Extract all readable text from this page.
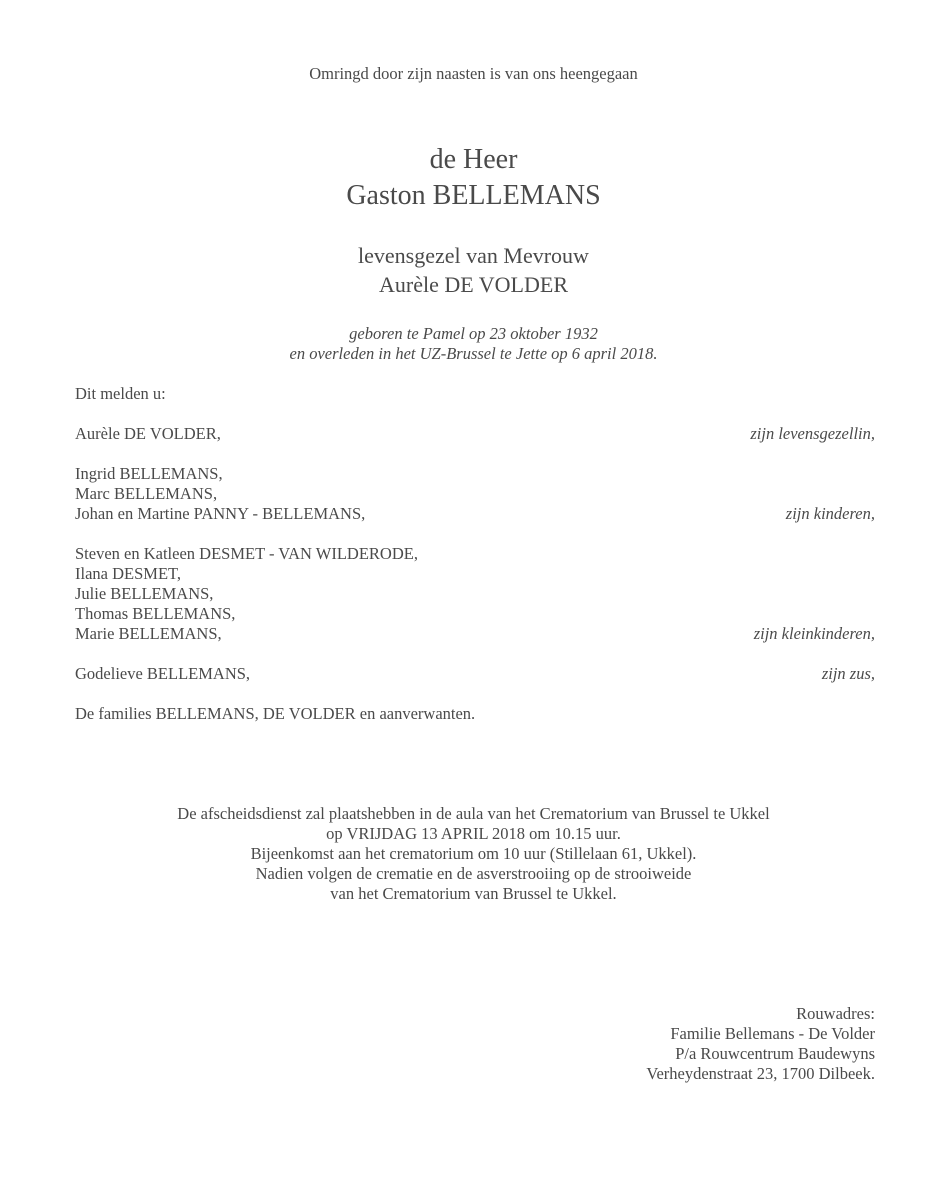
Omringd door zijn naasten is van ons heengegaan
de Heer
Gaston BELLEMANS
levensgezel van Mevrouw
Aurèle DE VOLDER
geboren te Pamel op 23 oktober 1932
en overleden in het UZ-Brussel te Jette op 6 april 2018.
Dit melden u:
Aurèle DE VOLDER,	zijn levensgezellin,
Ingrid BELLEMANS,
Marc BELLEMANS,
Johan en Martine PANNY - BELLEMANS,	zijn kinderen,
Steven en Katleen DESMET - VAN WILDERODE,
Ilana DESMET,
Julie BELLEMANS,
Thomas BELLEMANS,
Marie BELLEMANS,	zijn kleinkinderen,
Godelieve BELLEMANS,	zijn zus,
De families BELLEMANS, DE VOLDER en aanverwanten.
De afscheidsdienst zal plaatshebben in de aula van het Crematorium van Brussel te Ukkel
op VRIJDAG 13 APRIL 2018 om 10.15 uur.
Bijeenkomst aan het crematorium om 10 uur (Stillelaan 61, Ukkel).
Nadien volgen de crematie en de asverstrooiing op de strooiweide
van het Crematorium van Brussel te Ukkel.
Rouwadres:
Familie Bellemans - De Volder
P/a Rouwcentrum Baudewyns
Verheydenstraat 23, 1700 Dilbeek.
